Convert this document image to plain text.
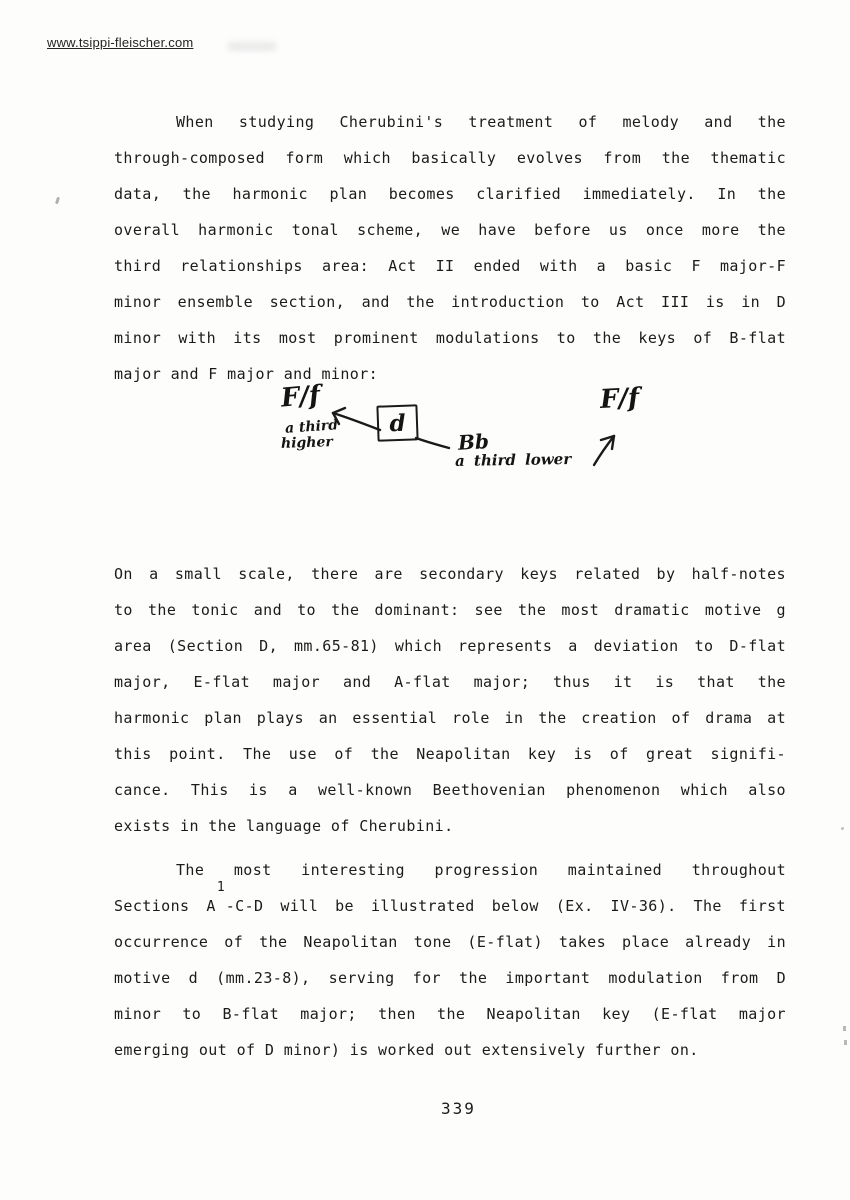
www.tsippi-fleischer.com
When studying Cherubini's treatment of melody and the
through-composed form which basically evolves from the thematic
data, the harmonic plan becomes clarified immediately. In the
overall harmonic tonal scheme, we have before us once more the
third relationships area: Act II ended with a basic F major-F
minor ensemble section, and the introduction to Act III is in D
minor with its most prominent modulations to the keys of B-flat
major and F major and minor:
F/f
a third
higher
d
Bb
a third lower
F/f
On a small scale, there are secondary keys related by half-notes
to the tonic and to the dominant: see the most dramatic motive g
area (Section D, mm.65-81) which represents a deviation to D-flat
major, E-flat major and A-flat major; thus it is that the
harmonic plan plays an essential role in the creation of drama at
this point. The use of the Neapolitan key is of great signifi-
cance. This is a well-known Beethovenian phenomenon which also
exists in the language of Cherubini.
The most interesting progression maintained throughout
Sections A$^1$-C-D will be illustrated below (Ex. IV-36). The first
occurrence of the Neapolitan tone (E-flat) takes place already in
motive d (mm.23-8), serving for the important modulation from D
minor to B-flat major; then the Neapolitan key (E-flat major
emerging out of D minor) is worked out extensively further on.
339
